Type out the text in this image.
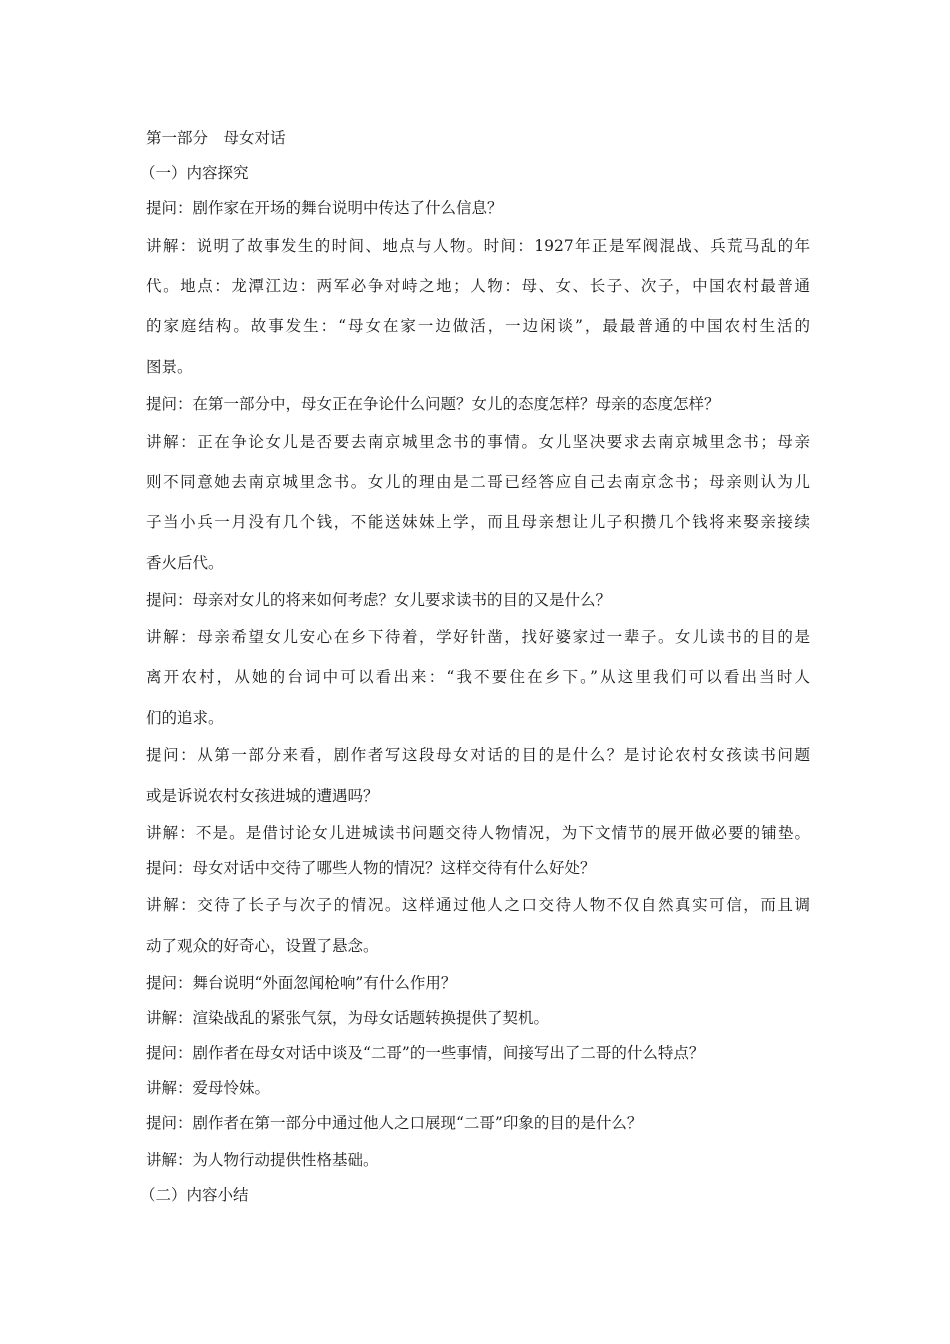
第一部分　母女对话
（一）内容探究
提问：剧作家在开场的舞台说明中传达了什么信息？
讲解：说明了故事发生的时间、地点与人物。时间：1927年正是军阀混战、兵荒马乱的年
代。地点：龙潭江边：两军必争对峙之地；人物：母、女、长子、次子，中国农村最普通
的家庭结构。故事发生：“母女在家一边做活，一边闲谈”，最最普通的中国农村生活的
图景。
提问：在第一部分中，母女正在争论什么问题？女儿的态度怎样？母亲的态度怎样？
讲解：正在争论女儿是否要去南京城里念书的事情。女儿坚决要求去南京城里念书；母亲
则不同意她去南京城里念书。女儿的理由是二哥已经答应自己去南京念书；母亲则认为儿
子当小兵一月没有几个钱，不能送妹妹上学，而且母亲想让儿子积攒几个钱将来娶亲接续
香火后代。
提问：母亲对女儿的将来如何考虑？女儿要求读书的目的又是什么？
讲解：母亲希望女儿安心在乡下待着，学好针凿，找好婆家过一辈子。女儿读书的目的是
离开农村，从她的台词中可以看出来：“我不要住在乡下。”从这里我们可以看出当时人
们的追求。
提问：从第一部分来看，剧作者写这段母女对话的目的是什么？是讨论农村女孩读书问题
或是诉说农村女孩进城的遭遇吗？
讲解：不是。是借讨论女儿进城读书问题交待人物情况，为下文情节的展开做必要的铺垫。
提问：母女对话中交待了哪些人物的情况？这样交待有什么好处？
讲解：交待了长子与次子的情况。这样通过他人之口交待人物不仅自然真实可信，而且调
动了观众的好奇心，设置了悬念。
提问：舞台说明“外面忽闻枪响”有什么作用？
讲解：渲染战乱的紧张气氛，为母女话题转换提供了契机。
提问：剧作者在母女对话中谈及“二哥”的一些事情，间接写出了二哥的什么特点？
讲解：爱母怜妹。
提问：剧作者在第一部分中通过他人之口展现“二哥”印象的目的是什么？
讲解：为人物行动提供性格基础。
（二）内容小结
